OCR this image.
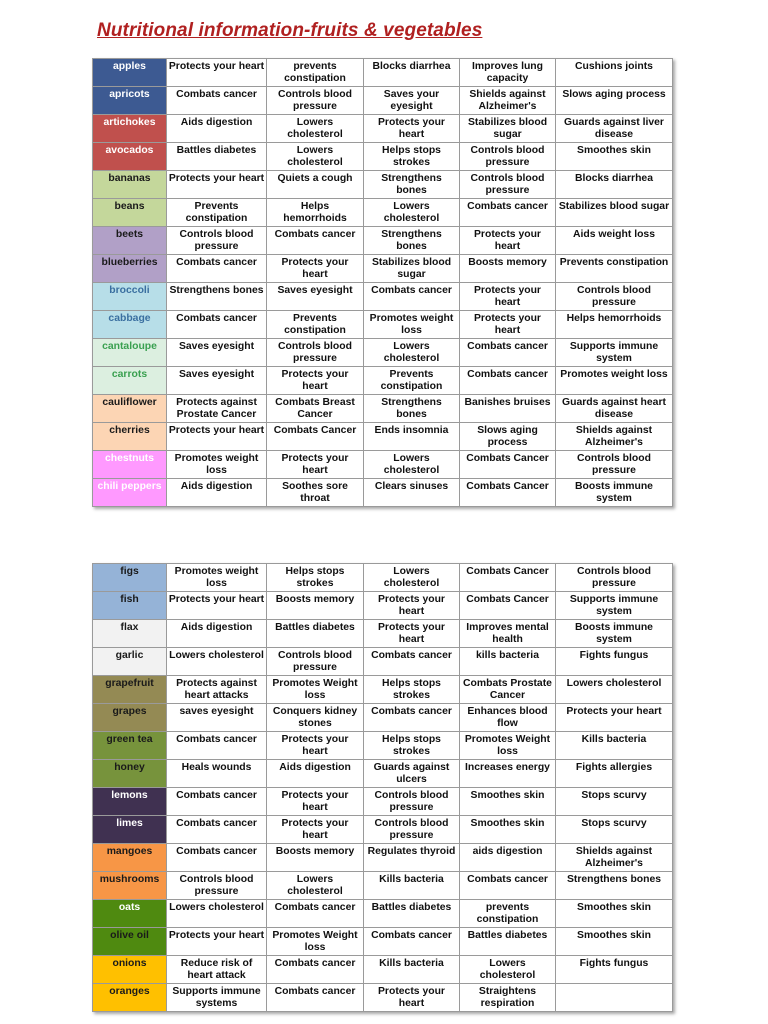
Nutritional information-fruits & vegetables
apples	Protects your heart	prevents constipation	Blocks diarrhea	Improves lung capacity	Cushions joints
apricots	Combats cancer	Controls blood pressure	Saves your eyesight	Shields against Alzheimer's	Slows aging process
artichokes	Aids digestion	Lowers cholesterol	Protects your heart	Stabilizes blood sugar	Guards against liver disease
avocados	Battles diabetes	Lowers cholesterol	Helps stops strokes	Controls blood pressure	Smoothes skin
bananas	Protects your heart	Quiets a cough	Strengthens bones	Controls blood pressure	Blocks diarrhea
beans	Prevents constipation	Helps hemorrhoids	Lowers cholesterol	Combats cancer	Stabilizes blood sugar
beets	Controls blood pressure	Combats cancer	Strengthens bones	Protects your heart	Aids weight loss
blueberries	Combats cancer	Protects your heart	Stabilizes blood sugar	Boosts memory	Prevents constipation
broccoli	Strengthens bones	Saves eyesight	Combats cancer	Protects your heart	Controls blood pressure
cabbage	Combats cancer	Prevents constipation	Promotes weight loss	Protects your heart	Helps hemorrhoids
cantaloupe	Saves eyesight	Controls blood pressure	Lowers cholesterol	Combats cancer	Supports immune system
carrots	Saves eyesight	Protects your heart	Prevents constipation	Combats cancer	Promotes weight loss
cauliflower	Protects against Prostate Cancer	Combats Breast Cancer	Strengthens bones	Banishes bruises	Guards against heart disease
cherries	Protects your heart	Combats Cancer	Ends insomnia	Slows aging process	Shields against Alzheimer's
chestnuts	Promotes weight loss	Protects your heart	Lowers cholesterol	Combats Cancer	Controls blood pressure
chili peppers	Aids digestion	Soothes sore throat	Clears sinuses	Combats Cancer	Boosts immune system
figs	Promotes weight loss	Helps stops strokes	Lowers cholesterol	Combats Cancer	Controls blood pressure
fish	Protects your heart	Boosts memory	Protects your heart	Combats Cancer	Supports immune system
flax	Aids digestion	Battles diabetes	Protects your heart	Improves mental health	Boosts immune system
garlic	Lowers cholesterol	Controls blood pressure	Combats cancer	kills bacteria	Fights fungus
grapefruit	Protects against heart attacks	Promotes Weight loss	Helps stops strokes	Combats Prostate Cancer	Lowers cholesterol
grapes	saves eyesight	Conquers kidney stones	Combats cancer	Enhances blood flow	Protects your heart
green tea	Combats cancer	Protects your heart	Helps stops strokes	Promotes Weight loss	Kills bacteria
honey	Heals wounds	Aids digestion	Guards against ulcers	Increases energy	Fights allergies
lemons	Combats cancer	Protects your heart	Controls blood pressure	Smoothes skin	Stops scurvy
limes	Combats cancer	Protects your heart	Controls blood pressure	Smoothes skin	Stops scurvy
mangoes	Combats cancer	Boosts memory	Regulates thyroid	aids digestion	Shields against Alzheimer's
mushrooms	Controls blood pressure	Lowers cholesterol	Kills bacteria	Combats cancer	Strengthens bones
oats	Lowers cholesterol	Combats cancer	Battles diabetes	prevents constipation	Smoothes skin
olive oil	Protects your heart	Promotes Weight loss	Combats cancer	Battles diabetes	Smoothes skin
onions	Reduce risk of heart attack	Combats cancer	Kills bacteria	Lowers cholesterol	Fights fungus
oranges	Supports immune systems	Combats cancer	Protects your heart	Straightens respiration	
